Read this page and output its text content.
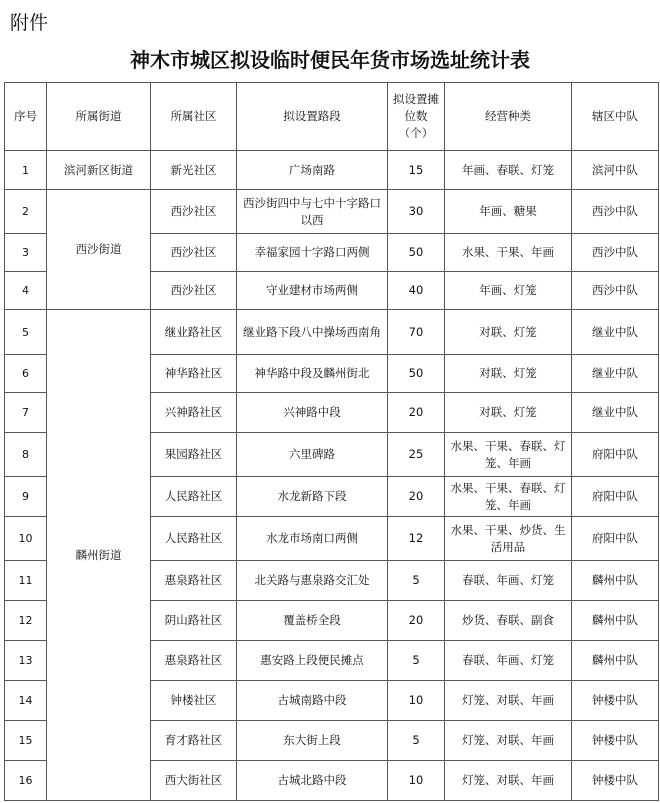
附件
神木市城区拟设临时便民年货市场选址统计表
序号	所属街道	所属社区	拟设置路段	拟设置摊位数（个）	经营种类	辖区中队
1	滨河新区街道	新光社区	广场南路	15	年画、春联、灯笼	滨河中队
2	西沙街道	西沙社区	西沙街四中与七中十字路口以西	30	年画、糖果	西沙中队
3		西沙社区	幸福家园十字路口两侧	50	水果、干果、年画	西沙中队
4		西沙社区	守业建材市场两侧	40	年画、灯笼	西沙中队
5	麟州街道	继业路社区	继业路下段八中操场西南角	70	对联、灯笼	继业中队
6		神华路社区	神华路中段及麟州街北	50	对联、灯笼	继业中队
7		兴神路社区	兴神路中段	20	对联、灯笼	继业中队
8		果园路社区	六里碑路	25	水果、干果、春联、灯笼、年画	府阳中队
9		人民路社区	水龙新路下段	20	水果、干果、春联、灯笼、年画	府阳中队
10		人民路社区	水龙市场南口两侧	12	水果、干果、炒货、生活用品	府阳中队
11		惠泉路社区	北关路与惠泉路交汇处	5	春联、年画、灯笼	麟州中队
12		阴山路社区	覆盖桥全段	20	炒货、春联、副食	麟州中队
13		惠泉路社区	惠安路上段便民摊点	5	春联、年画、灯笼	麟州中队
14		钟楼社区	古城南路中段	10	灯笼、对联、年画	钟楼中队
15		育才路社区	东大街上段	5	灯笼、对联、年画	钟楼中队
16		西大街社区	古城北路中段	10	灯笼、对联、年画	钟楼中队
